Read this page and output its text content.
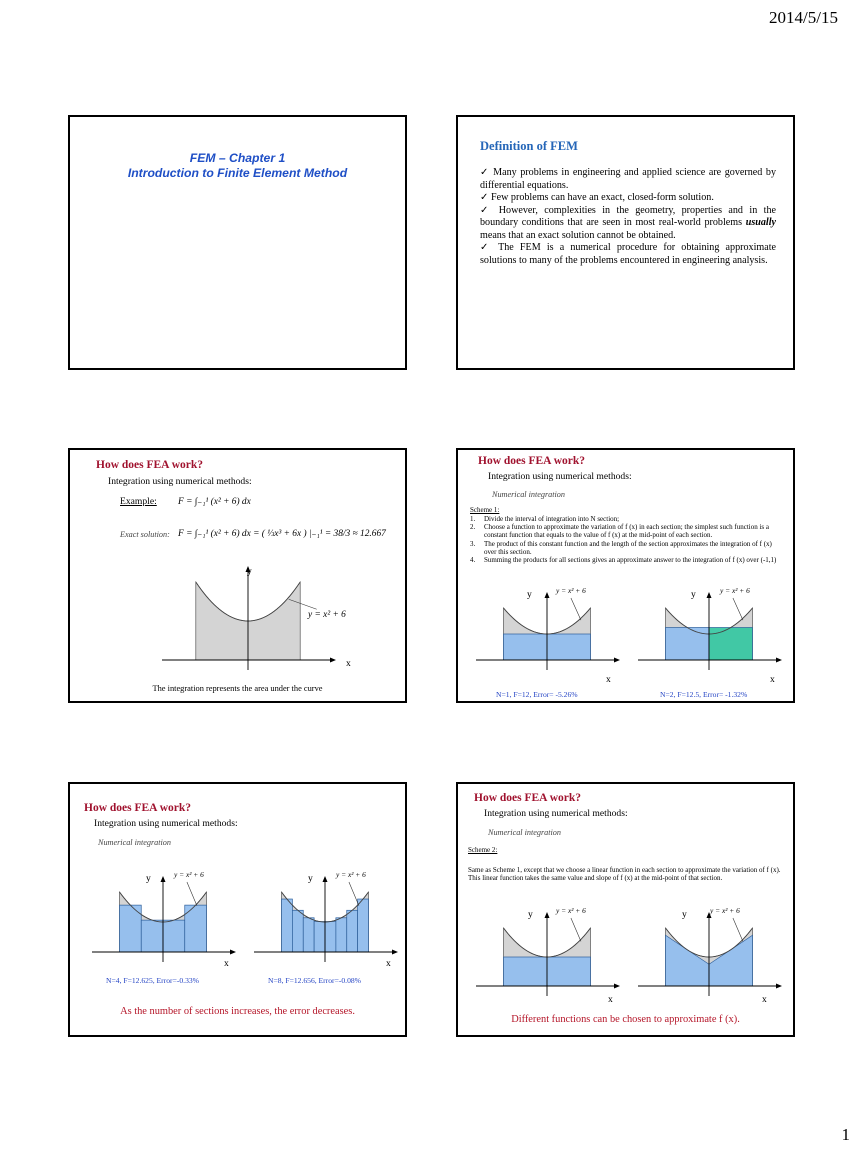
2014/5/15
1
FEM – Chapter 1
Introduction to Finite Element Method
Definition of FEM

✓ Many problems in engineering and applied science are governed by differential equations.

✓ Few problems can have an exact, closed-form solution.

✓ However, complexities in the geometry, properties and in the boundary conditions that are seen in most real-world problems usually means that an exact solution cannot be obtained.

✓ The FEM is a numerical procedure for obtaining approximate solutions to many of the problems encountered in engineering analysis.

How does FEA work?
Integration using numerical methods:
Example: F = ∫₋₁¹ (x² + 6) dx
Exact solution: F = ∫₋₁¹ (x² + 6) dx = ( ⅓x³ + 6x ) |₋₁¹ = 38/3 ≈ 12.667
y
x
y = x² + 6
The integration represents the area under the curve
How does FEA work?
Integration using numerical methods:
Numerical integration
Scheme 1:
1. Divide the interval of integration into N section;
2. Choose a function to approximate the variation of f (x) in each section; the simplest such function is a constant function that equals to the value of f (x) at the mid-point of each section.
3. The product of this constant function and the length of the section approximates the integration of f (x) over this section.
4. Summing the products for all sections gives an approximate answer to the integration of f (x) over (-1,1)
y	y = x² + 6
x
y	y = x² + 6
x
N=1, F=12, Error= -5.26%	N=2, F=12.5, Error= -1.32%
How does FEA work?
Integration using numerical methods:
Numerical integration
y	y = x² + 6
x
y	y = x² + 6
x
N=4, F=12.625, Error=-0.33%	N=8, F=12.656, Error=-0.08%
As the number of sections increases, the error decreases.
How does FEA work?
Integration using numerical methods:
Numerical integration
Scheme 2:
Same as Scheme 1, except that we choose a linear function in each section to approximate the variation of f (x). This linear function takes the same value and slope of f (x) at the mid-point of that section.
y	y = x² + 6
x
y	y = x² + 6
x
Different functions can be chosen to approximate f (x).
